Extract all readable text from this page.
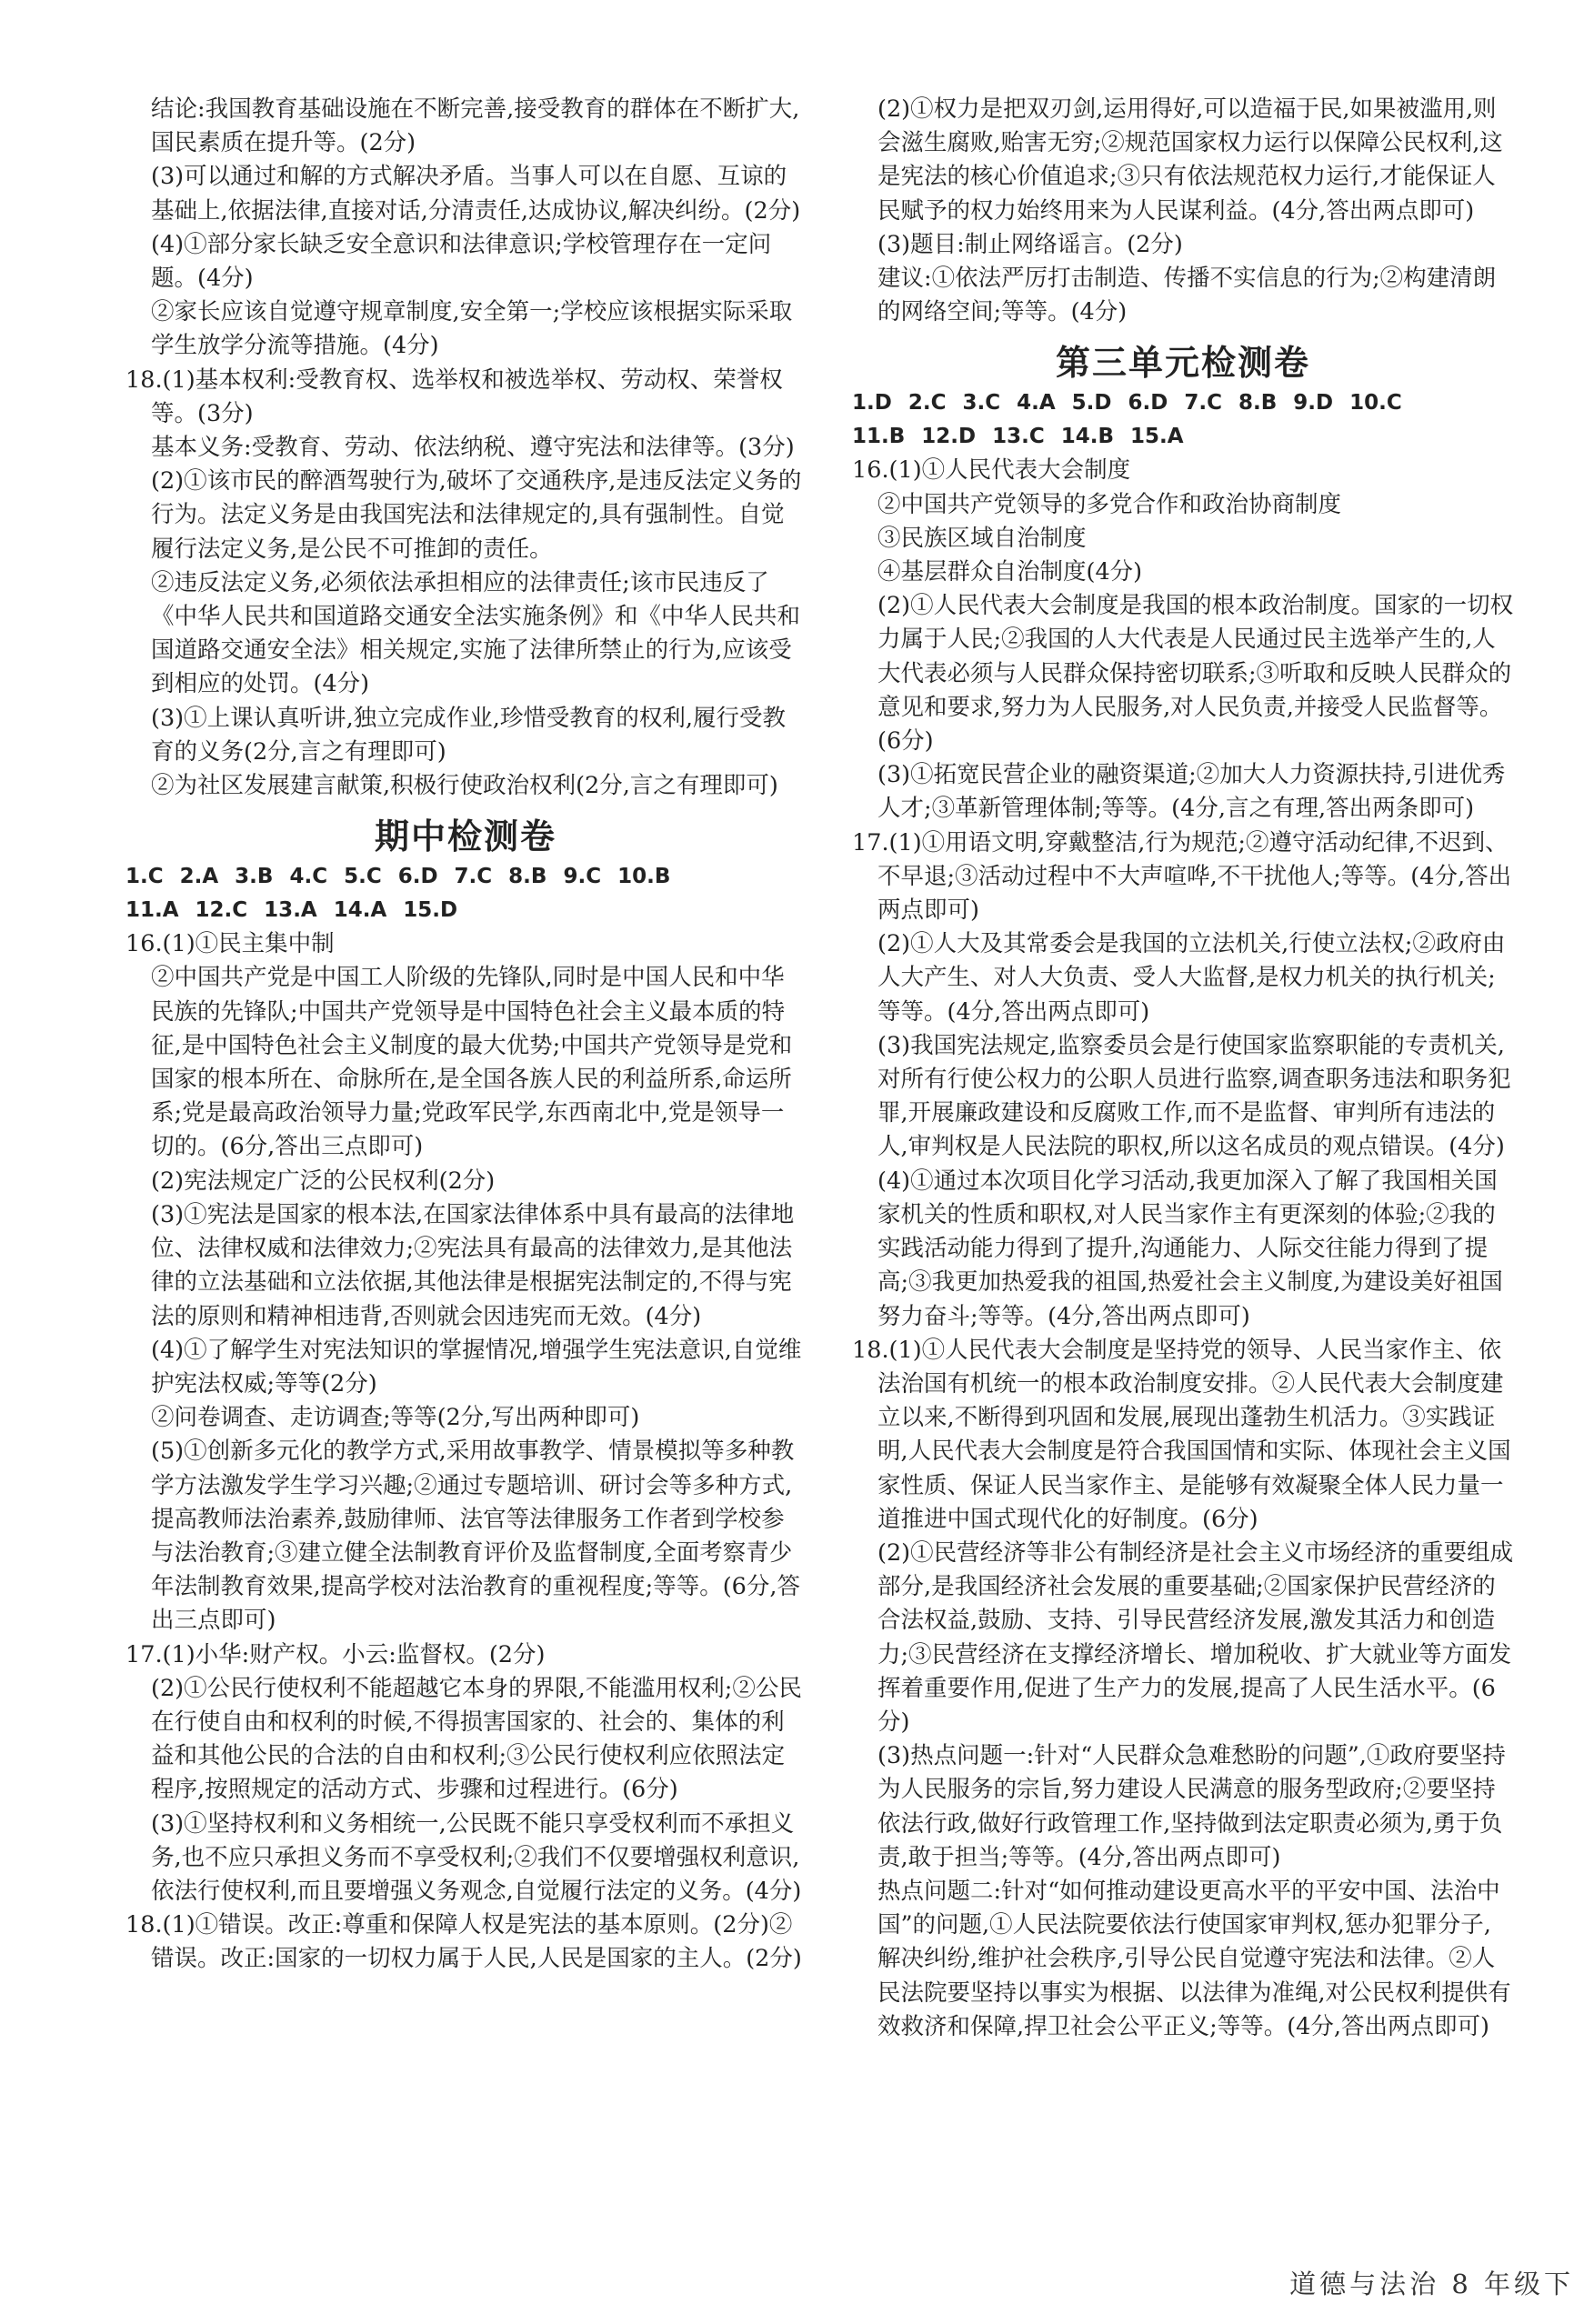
结论:我国教育基础设施在不断完善,接受教育的群体在不断扩大,国民素质在提升等。(2分)

(3)可以通过和解的方式解决矛盾。当事人可以在自愿、互谅的基础上,依据法律,直接对话,分清责任,达成协议,解决纠纷。(2分)

(4)①部分家长缺乏安全意识和法律意识;学校管理存在一定问题。(4分)

②家长应该自觉遵守规章制度,安全第一;学校应该根据实际采取学生放学分流等措施。(4分)

18.(1)基本权利:受教育权、选举权和被选举权、劳动权、荣誉权等。(3分)

基本义务:受教育、劳动、依法纳税、遵守宪法和法律等。(3分)

(2)①该市民的醉酒驾驶行为,破坏了交通秩序,是违反法定义务的行为。法定义务是由我国宪法和法律规定的,具有强制性。自觉履行法定义务,是公民不可推卸的责任。

②违反法定义务,必须依法承担相应的法律责任;该市民违反了《中华人民共和国道路交通安全法实施条例》和《中华人民共和国道路交通安全法》相关规定,实施了法律所禁止的行为,应该受到相应的处罚。(4分)

(3)①上课认真听讲,独立完成作业,珍惜受教育的权利,履行受教育的义务(2分,言之有理即可)

②为社区发展建言献策,积极行使政治权利(2分,言之有理即可)

期中检测卷

1.C 2.A 3.B 4.C 5.C 6.D 7.C 8.B 9.C 10.B

11.A 12.C 13.A 14.A 15.D

16.(1)①民主集中制

②中国共产党是中国工人阶级的先锋队,同时是中国人民和中华民族的先锋队;中国共产党领导是中国特色社会主义最本质的特征,是中国特色社会主义制度的最大优势;中国共产党领导是党和国家的根本所在、命脉所在,是全国各族人民的利益所系,命运所系;党是最高政治领导力量;党政军民学,东西南北中,党是领导一切的。(6分,答出三点即可)

(2)宪法规定广泛的公民权利(2分)

(3)①宪法是国家的根本法,在国家法律体系中具有最高的法律地位、法律权威和法律效力;②宪法具有最高的法律效力,是其他法律的立法基础和立法依据,其他法律是根据宪法制定的,不得与宪法的原则和精神相违背,否则就会因违宪而无效。(4分)

(4)①了解学生对宪法知识的掌握情况,增强学生宪法意识,自觉维护宪法权威;等等(2分)

②问卷调查、走访调查;等等(2分,写出两种即可)

(5)①创新多元化的教学方式,采用故事教学、情景模拟等多种教学方法激发学生学习兴趣;②通过专题培训、研讨会等多种方式,提高教师法治素养,鼓励律师、法官等法律服务工作者到学校参与法治教育;③建立健全法制教育评价及监督制度,全面考察青少年法制教育效果,提高学校对法治教育的重视程度;等等。(6分,答出三点即可)

17.(1)小华:财产权。小云:监督权。(2分)

(2)①公民行使权利不能超越它本身的界限,不能滥用权利;②公民在行使自由和权利的时候,不得损害国家的、社会的、集体的利益和其他公民的合法的自由和权利;③公民行使权利应依照法定程序,按照规定的活动方式、步骤和过程进行。(6分)

(3)①坚持权利和义务相统一,公民既不能只享受权利而不承担义务,也不应只承担义务而不享受权利;②我们不仅要增强权利意识,依法行使权利,而且要增强义务观念,自觉履行法定的义务。(4分)

18.(1)①错误。改正:尊重和保障人权是宪法的基本原则。(2分)②错误。改正:国家的一切权力属于人民,人民是国家的主人。(2分)

(2)①权力是把双刃剑,运用得好,可以造福于民,如果被滥用,则会滋生腐败,贻害无穷;②规范国家权力运行以保障公民权利,这是宪法的核心价值追求;③只有依法规范权力运行,才能保证人民赋予的权力始终用来为人民谋利益。(4分,答出两点即可)

(3)题目:制止网络谣言。(2分)

建议:①依法严厉打击制造、传播不实信息的行为;②构建清朗的网络空间;等等。(4分)

第三单元检测卷

1.D 2.C 3.C 4.A 5.D 6.D 7.C 8.B 9.D 10.C

11.B 12.D 13.C 14.B 15.A

16.(1)①人民代表大会制度

②中国共产党领导的多党合作和政治协商制度

③民族区域自治制度

④基层群众自治制度(4分)

(2)①人民代表大会制度是我国的根本政治制度。国家的一切权力属于人民;②我国的人大代表是人民通过民主选举产生的,人大代表必须与人民群众保持密切联系;③听取和反映人民群众的意见和要求,努力为人民服务,对人民负责,并接受人民监督等。(6分)

(3)①拓宽民营企业的融资渠道;②加大人力资源扶持,引进优秀人才;③革新管理体制;等等。(4分,言之有理,答出两条即可)

17.(1)①用语文明,穿戴整洁,行为规范;②遵守活动纪律,不迟到、不早退;③活动过程中不大声喧哗,不干扰他人;等等。(4分,答出两点即可)

(2)①人大及其常委会是我国的立法机关,行使立法权;②政府由人大产生、对人大负责、受人大监督,是权力机关的执行机关;等等。(4分,答出两点即可)

(3)我国宪法规定,监察委员会是行使国家监察职能的专责机关,对所有行使公权力的公职人员进行监察,调查职务违法和职务犯罪,开展廉政建设和反腐败工作,而不是监督、审判所有违法的人,审判权是人民法院的职权,所以这名成员的观点错误。(4分)

(4)①通过本次项目化学习活动,我更加深入了解了我国相关国家机关的性质和职权,对人民当家作主有更深刻的体验;②我的实践活动能力得到了提升,沟通能力、人际交往能力得到了提高;③我更加热爱我的祖国,热爱社会主义制度,为建设美好祖国努力奋斗;等等。(4分,答出两点即可)

18.(1)①人民代表大会制度是坚持党的领导、人民当家作主、依法治国有机统一的根本政治制度安排。②人民代表大会制度建立以来,不断得到巩固和发展,展现出蓬勃生机活力。③实践证明,人民代表大会制度是符合我国国情和实际、体现社会主义国家性质、保证人民当家作主、是能够有效凝聚全体人民力量一道推进中国式现代化的好制度。(6分)

(2)①民营经济等非公有制经济是社会主义市场经济的重要组成部分,是我国经济社会发展的重要基础;②国家保护民营经济的合法权益,鼓励、支持、引导民营经济发展,激发其活力和创造力;③民营经济在支撑经济增长、增加税收、扩大就业等方面发挥着重要作用,促进了生产力的发展,提高了人民生活水平。(6分)

(3)热点问题一:针对“人民群众急难愁盼的问题”,①政府要坚持为人民服务的宗旨,努力建设人民满意的服务型政府;②要坚持依法行政,做好行政管理工作,坚持做到法定职责必须为,勇于负责,敢于担当;等等。(4分,答出两点即可)

热点问题二:针对“如何推动建设更高水平的平安中国、法治中国”的问题,①人民法院要依法行使国家审判权,惩办犯罪分子,解决纠纷,维护社会秩序,引导公民自觉遵守宪法和法律。②人民法院要坚持以事实为根据、以法律为准绳,对公民权利提供有效救济和保障,捍卫社会公平正义;等等。(4分,答出两点即可)

道德与法治 8 年级下
